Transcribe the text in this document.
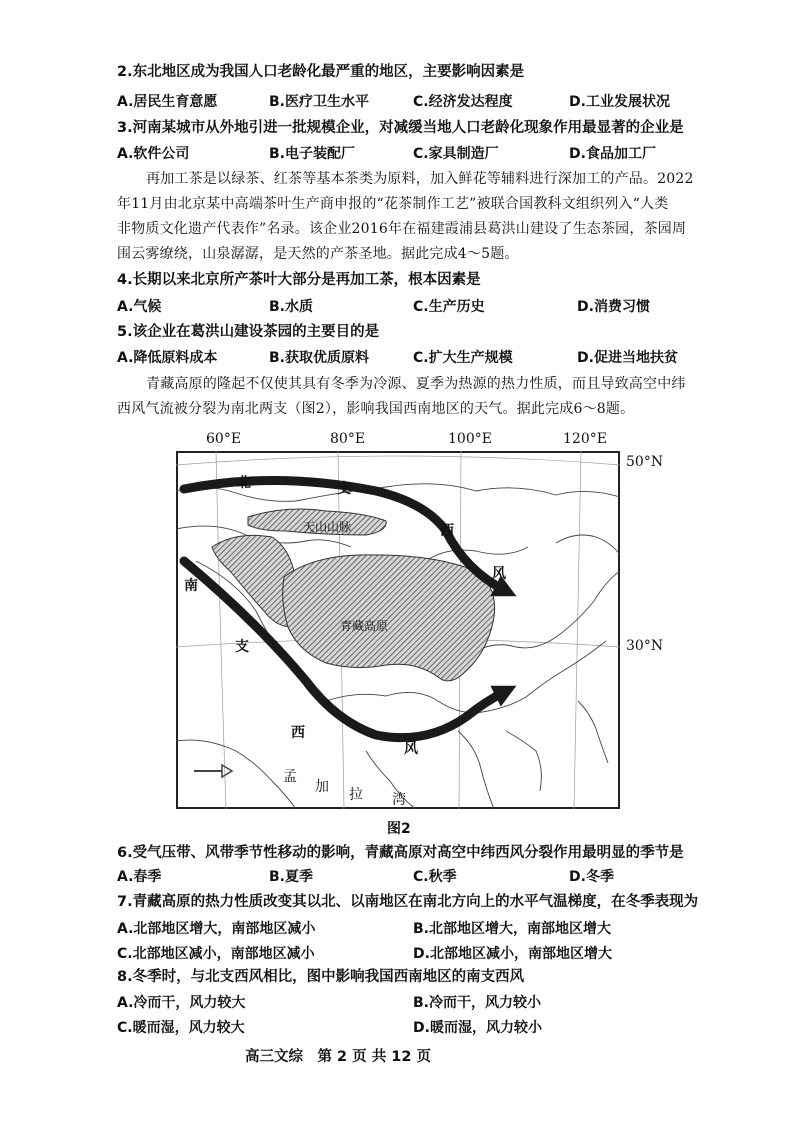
2.东北地区成为我国人口老龄化最严重的地区，主要影响因素是
A.居民生育意愿	B.医疗卫生水平	C.经济发达程度	D.工业发展状况
3.河南某城市从外地引进一批规模企业，对减缓当地人口老龄化现象作用最显著的企业是
A.软件公司	B.电子装配厂	C.家具制造厂	D.食品加工厂
再加工茶是以绿茶、红茶等基本茶类为原料，加入鲜花等辅料进行深加工的产品。2022
年11月由北京某中高端茶叶生产商申报的“花茶制作工艺”被联合国教科文组织列入“人类
非物质文化遗产代表作”名录。该企业2016年在福建霞浦县葛洪山建设了生态茶园，茶园周
围云雾缭绕，山泉潺潺，是天然的产茶圣地。据此完成4～5题。
4.长期以来北京所产茶叶大部分是再加工茶，根本因素是
A.气候	B.水质	C.生产历史	D.消费习惯
5.该企业在葛洪山建设茶园的主要目的是
A.降低原料成本	B.获取优质原料	C.扩大生产规模	D.促进当地扶贫
青藏高原的隆起不仅使其具有冬季为冷源、夏季为热源的热力性质，而且导致高空中纬
西风气流被分裂为南北两支（图2），影响我国西南地区的天气。据此完成6～8题。
60°E	80°E	100°E	120°E
50°N
30°N
北	支
西
风
南
支
西
风
天山山脉
青藏高原
孟
加 拉 湾
图2
6.受气压带、风带季节性移动的影响，青藏高原对高空中纬西风分裂作用最明显的季节是
A.春季	B.夏季	C.秋季	D.冬季
7.青藏高原的热力性质改变其以北、以南地区在南北方向上的水平气温梯度，在冬季表现为
A.北部地区增大，南部地区减小	B.北部地区增大，南部地区增大
C.北部地区减小，南部地区减小	D.北部地区减小，南部地区增大
8.冬季时，与北支西风相比，图中影响我国西南地区的南支西风
A.冷而干，风力较大	B.冷而干，风力较小
C.暖而湿，风力较大	D.暖而湿，风力较小
高三文综　第 2 页 共 12 页
